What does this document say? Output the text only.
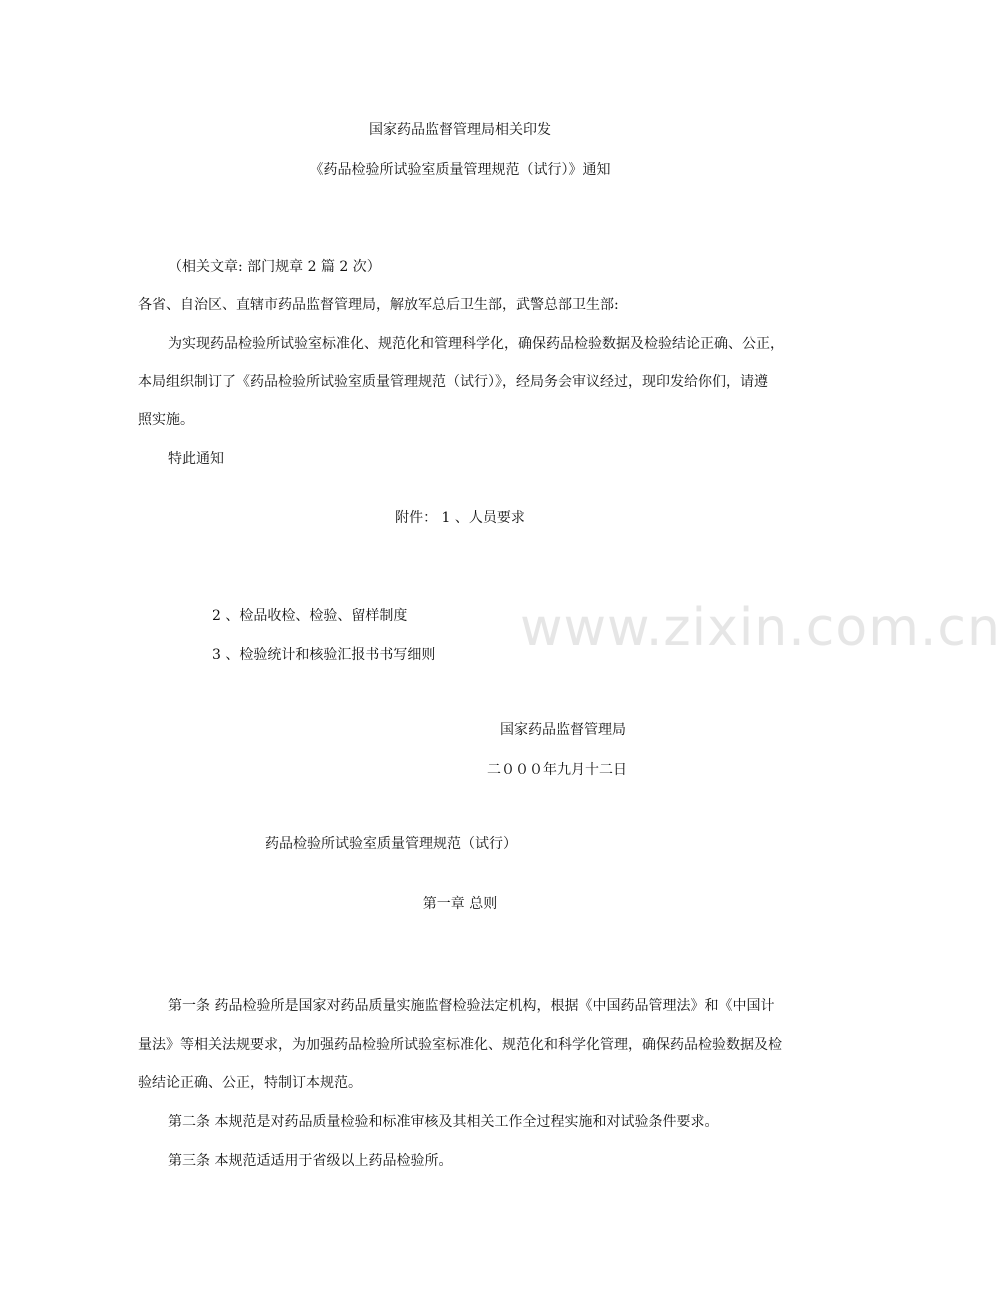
www.zixin.com.cn

国家药品监督管理局相关印发

《药品检验所试验室质量管理规范（试行）》通知

（相关文章: 部门规章 2 篇 2 次）

各省、自治区、直辖市药品监督管理局，解放军总后卫生部，武警总部卫生部:

为实现药品检验所试验室标准化、规范化和管理科学化，确保药品检验数据及检验结论正确、公正，

本局组织制订了《药品检验所试验室质量管理规范（试行）》，经局务会审议经过，现印发给你们，请遵

照实施。

特此通知

附件： 1 、人员要求

2 、检品收检、检验、留样制度

3 、检验统计和核验汇报书书写细则

国家药品监督管理局

二０００年九月十二日

药品检验所试验室质量管理规范（试行）

第一章 总则

第一条 药品检验所是国家对药品质量实施监督检验法定机构，根据《中国药品管理法》和《中国计

量法》等相关法规要求，为加强药品检验所试验室标准化、规范化和科学化管理，确保药品检验数据及检

验结论正确、公正，特制订本规范。

第二条 本规范是对药品质量检验和标准审核及其相关工作全过程实施和对试验条件要求。

第三条 本规范适适用于省级以上药品检验所。
